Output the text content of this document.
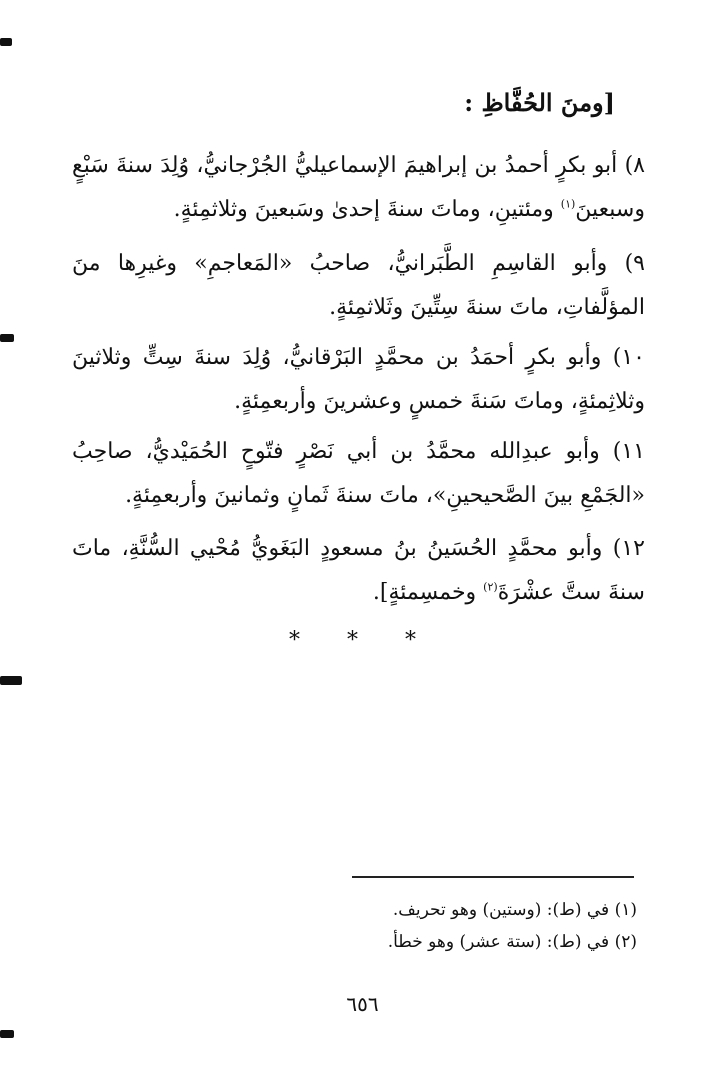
[ومنَ الحُفَّاظِ :
٨) أبو بكرٍ أحمدُ بن إبراهيمَ الإسماعيليُّ الجُرْجانيُّ، وُلِدَ سنةَ سَبْعٍ وسبعينَ$^{(١)}$ ومئتينِ، وماتَ سنةَ إحدىٰ وسَبعينَ وثلاثمِئةٍ.
٩) وأبو القاسِمِ الطَّبَرانيُّ، صاحبُ «المَعاجمِ» وغيرِها منَ المؤلَّفاتِ، ماتَ سنةَ سِتِّينَ وثَلاثمِئةٍ.
١٠) وأبو بكرٍ أحمَدُ بن محمَّدٍ البَرْقانيُّ، وُلِدَ سنةَ سِتٍّ وثلاثينَ وثلاثِمئةٍ، وماتَ سَنةَ خمسٍ وعشرينَ وأربعمِئةٍ.
١١) وأبو عبدِالله محمَّدُ بن أبي نَصْرٍ فتّوحٍ الحُمَيْديُّ، صاحِبُ «الجَمْعِ بينَ الصَّحيحينِ»، ماتَ سنةَ ثَمانٍ وثمانينَ وأربعمِئةٍ.
١٢) وأبو محمَّدٍ الحُسَينُ بنُ مسعودٍ البَغَويُّ مُحْيي السُّنَّةِ، ماتَ سنةَ ستَّ عشْرَةَ$^{(٢)}$ وخمسِمئةٍ].
* * *
(١) في (ط): (وستين) وهو تحريف.
(٢) في (ط): (ستة عشر) وهو خطأ.
٦٥٦
